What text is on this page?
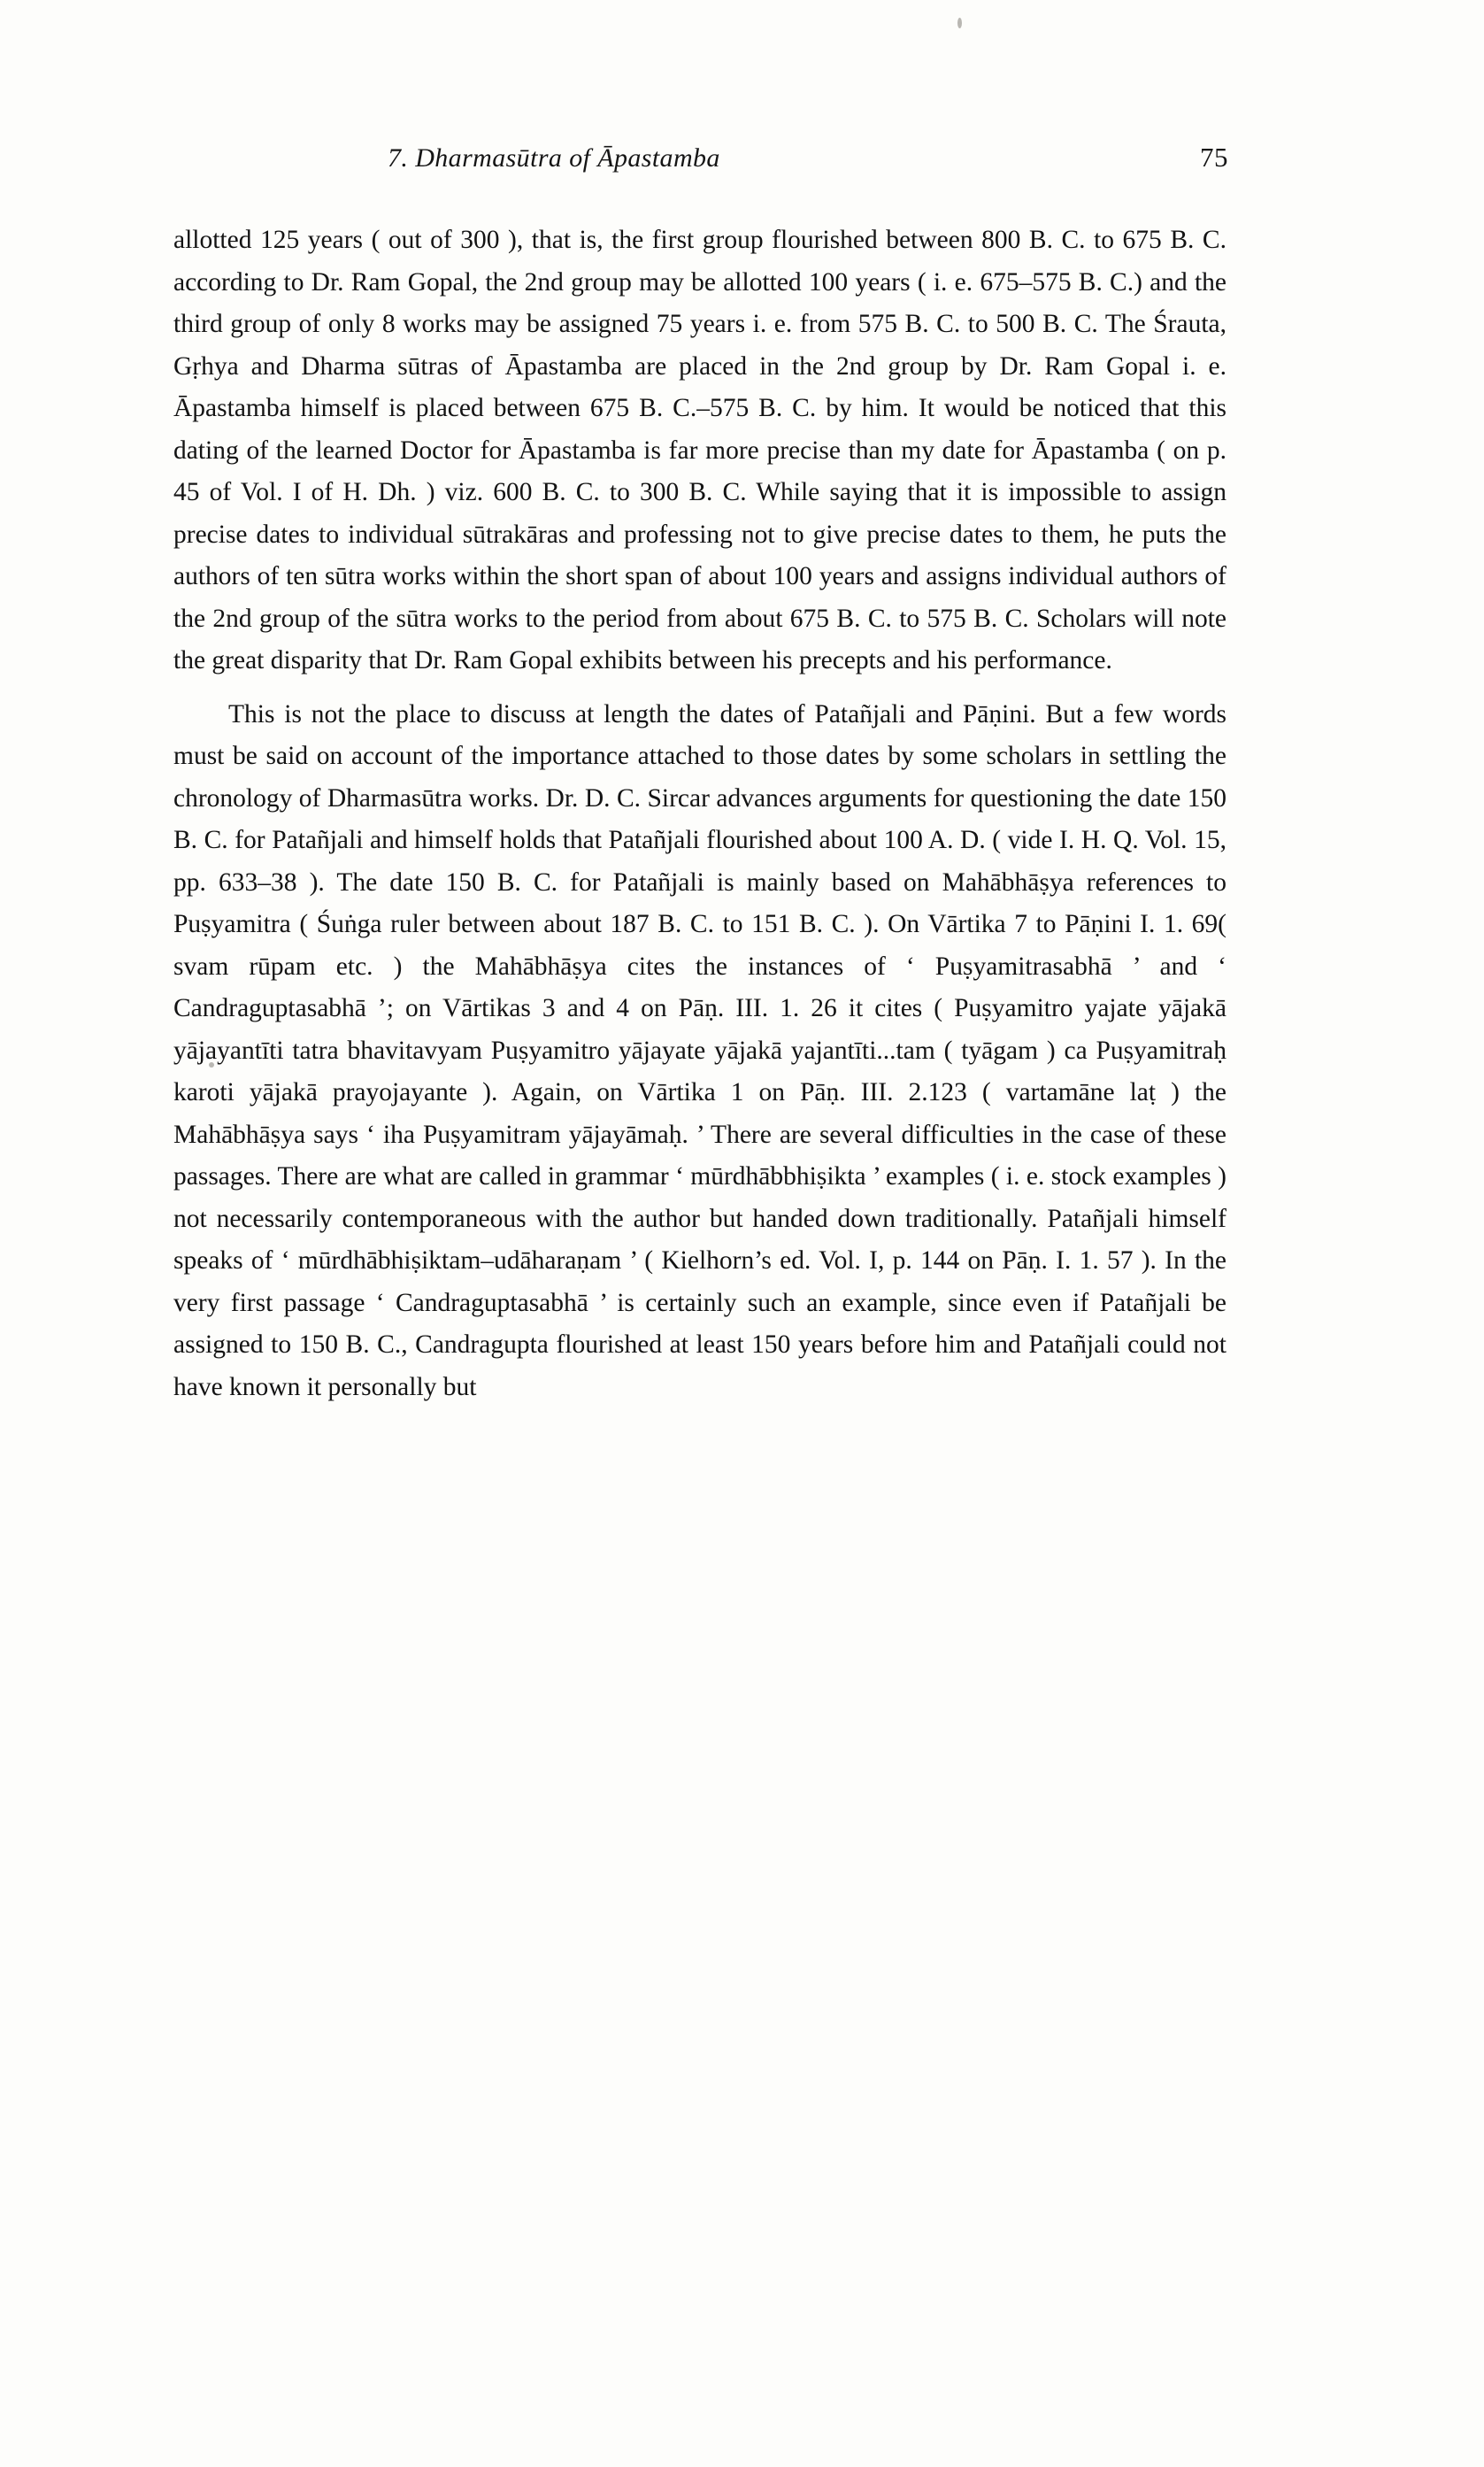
7. Dharmasūtra of Āpastamba	75

allotted 125 years ( out of 300 ), that is, the first group flourished between 800 B. C. to 675 B. C. according to Dr. Ram Gopal, the 2nd group may be allotted 100 years ( i. e. 675–575 B. C.) and the third group of only 8 works may be assigned 75 years i. e. from 575 B. C. to 500 B. C. The Śrauta, Gṛhya and Dharma sūtras of Āpastamba are placed in the 2nd group by Dr. Ram Gopal i. e. Āpastamba himself is placed between 675 B. C.–575 B. C. by him. It would be noticed that this dating of the learned Doctor for Āpastamba is far more precise than my date for Āpastamba ( on p. 45 of Vol. I of H. Dh. ) viz. 600 B. C. to 300 B. C. While saying that it is impossible to assign precise dates to individual sūtrakāras and professing not to give precise dates to them, he puts the authors of ten sūtra works within the short span of about 100 years and assigns individual authors of the 2nd group of the sūtra works to the period from about 675 B. C. to 575 B. C. Scholars will note the great disparity that Dr. Ram Gopal exhibits between his precepts and his performance.

This is not the place to discuss at length the dates of Patañjali and Pāṇini. But a few words must be said on account of the importance attached to those dates by some scholars in settling the chronology of Dharmasūtra works. Dr. D. C. Sircar advances arguments for questioning the date 150 B. C. for Patañjali and himself holds that Patañjali flourished about 100 A. D. ( vide I. H. Q. Vol. 15, pp. 633–38 ). The date 150 B. C. for Patañjali is mainly based on Mahābhāṣya references to Puṣyamitra ( Śuṅga ruler between about 187 B. C. to 151 B. C. ). On Vārtika 7 to Pāṇini I. 1. 69( svam rūpam etc. ) the Mahābhāṣya cites the instances of ‘ Puṣyamitrasabhā ’ and ‘ Candraguptasabhā ’; on Vārtikas 3 and 4 on Pāṇ. III. 1. 26 it cites ( Puṣyamitro yajate yājakā yājayantīti tatra bhavitavyam Puṣyamitro yājayate yājakā yajantīti...tam ( tyāgam ) ca Puṣyamitraḥ karoti yājakā prayojayante ). Again, on Vārtika 1 on Pāṇ. III. 2.123 ( vartamāne laṭ ) the Mahābhāṣya says ‘ iha Puṣyamitram yājayāmaḥ. ’ There are several difficulties in the case of these passages. There are what are called in grammar ‘ mūrdhābbhiṣikta ’ examples ( i. e. stock examples ) not necessarily contemporaneous with the author but handed down traditionally. Patañjali himself speaks of ‘ mūrdhābhiṣiktam–udāharaṇam ’ ( Kielhorn’s ed. Vol. I, p. 144 on Pāṇ. I. 1. 57 ). In the very first passage ‘ Candraguptasabhā ’ is certainly such an example, since even if Patañjali be assigned to 150 B. C., Candragupta flourished at least 150 years before him and Patañjali could not have known it personally but
